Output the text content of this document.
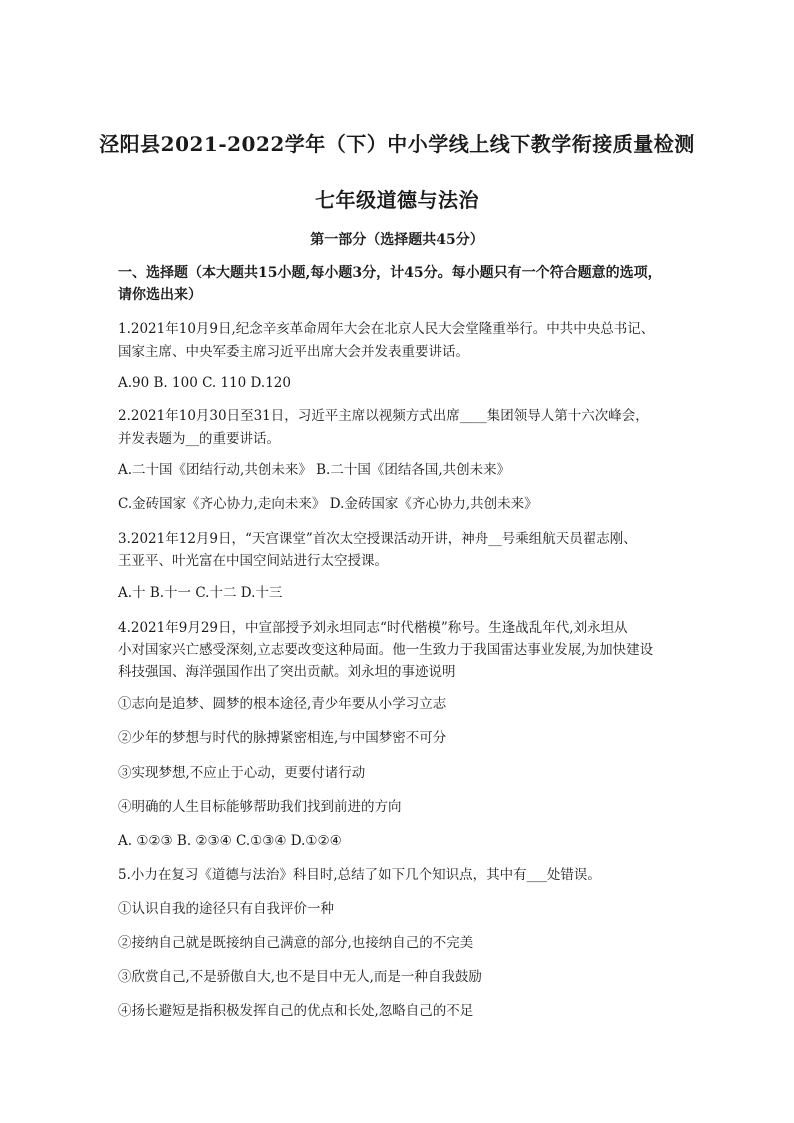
泾阳县2021-2022学年（下）中小学线上线下教学衔接质量检测
七年级道德与法治
第一部分（选择题共45分）
一、选择题（本大题共15小题,每小题3分，计45分。每小题只有一个符合题意的选项，
请你选出来）
1.2021年10月9日,纪念辛亥革命周年大会在北京人民大会堂隆重举行。中共中央总书记、
国家主席、中央军委主席习近平出席大会并发表重要讲话。
A.90 B. 100 C. 110 D.120
2.2021年10月30日至31日，习近平主席以视频方式出席____集团领导人第十六次峰会，
并发表题为__的重要讲话。
A.二十国《团结行动,共创未来》 B.二十国《团结各国,共创未来》
C.金砖国家《齐心协力,走向未来》 D.金砖国家《齐心协力,共创未来》
3.2021年12月9日，“天宫课堂”首次太空授课活动开讲，神舟__号乘组航天员翟志刚、
王亚平、叶光富在中国空间站进行太空授课。
A.十 B.十一 C.十二 D.十三
4.2021年9月29日，中宣部授予刘永坦同志“时代楷模”称号。生逢战乱年代,刘永坦从
小对国家兴亡感受深刻,立志要改变这种局面。他一生致力于我国雷达事业发展,为加快建设
科技强国、海洋强国作出了突出贡献。刘永坦的事迹说明
①志向是追梦、圆梦的根本途径,青少年要从小学习立志
②少年的梦想与时代的脉搏紧密相连,与中国梦密不可分
③实现梦想,不应止于心动，更要付诸行动
④明确的人生目标能够帮助我们找到前进的方向
A. ①②③ B. ②③④ C.①③④ D.①②④
5.小力在复习《道德与法治》科目时,总结了如下几个知识点，其中有___处错误。
①认识自我的途径只有自我评价一种
②接纳自己就是既接纳自己满意的部分,也接纳自己的不完美
③欣赏自己,不是骄傲自大,也不是目中无人,而是一种自我鼓励
④扬长避短是指积极发挥自己的优点和长处,忽略自己的不足
